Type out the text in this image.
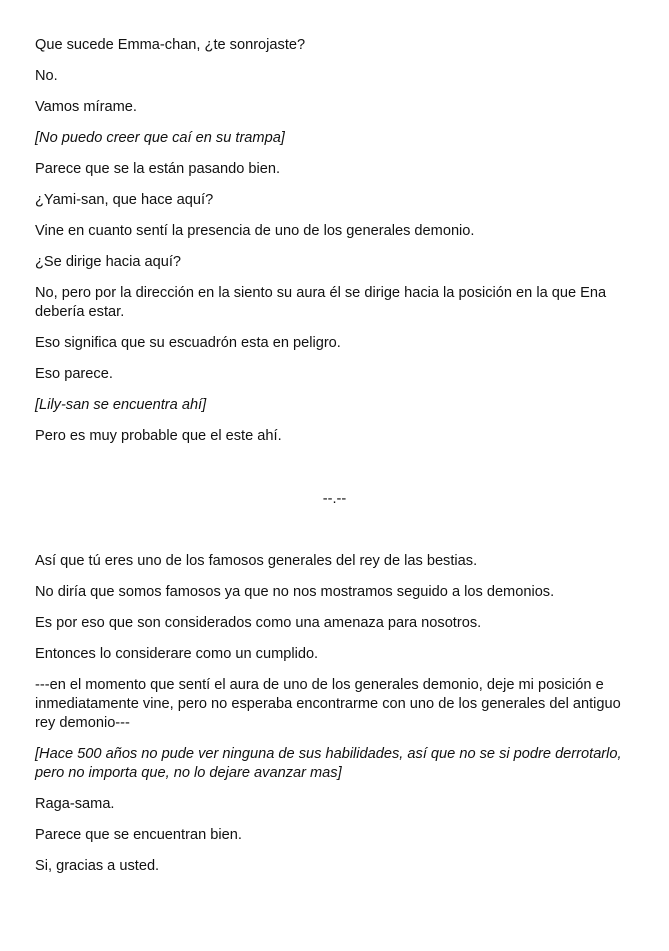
Que sucede Emma-chan, ¿te sonrojaste?

No.

Vamos mírame.

[No puedo creer que caí en su trampa]

Parece que se la están pasando bien.

¿Yami-san, que hace aquí?

Vine en cuanto sentí la presencia de uno de los generales demonio.

¿Se dirige hacia aquí?

No, pero por la dirección en la siento su aura él se dirige hacia la posición en la que Ena debería estar.

Eso significa que su escuadrón esta en peligro.

Eso parece.

[Lily-san se encuentra ahí]

Pero es muy probable que el este ahí.

--.--

Así que tú eres uno de los famosos generales del rey de las bestias.

No diría que somos famosos ya que no nos mostramos seguido a los demonios.

Es por eso que son considerados como una amenaza para nosotros.

Entonces lo considerare como un cumplido.

---en el momento que sentí el aura de uno de los generales demonio, deje mi posición e inmediatamente vine, pero no esperaba encontrarme con uno de los generales del antiguo rey demonio---

[Hace 500 años no pude ver ninguna de sus habilidades, así que no se si podre derrotarlo, pero no importa que, no lo dejare avanzar mas]

Raga-sama.

Parece que se encuentran bien.

Si, gracias a usted.
